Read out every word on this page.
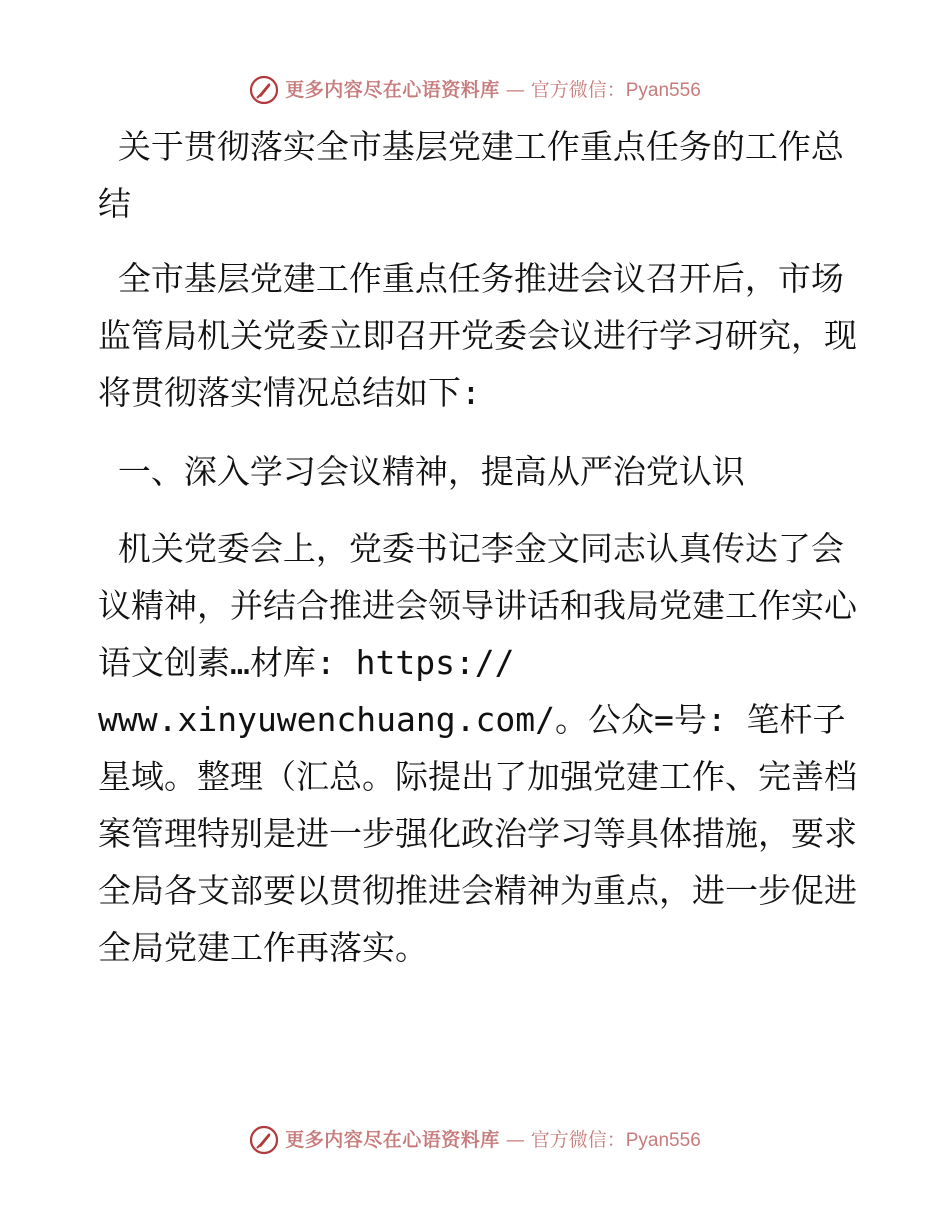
更多内容尽在心语资料库 — 官方微信：Pyan556

关于贯彻落实全市基层党建工作重点任务的工作总结

全市基层党建工作重点任务推进会议召开后，市场监管局机关党委立即召开党委会议进行学习研究，现将贯彻落实情况总结如下:

一、深入学习会议精神，提高从严治党认识

机关党委会上，党委书记李金文同志认真传达了会议精神，并结合推进会领导讲话和我局党建工作实心语文创素…材库: https://

www.xinyuwenchuang.com/。公众=号: 笔杆子星域。整理（汇总。际提出了加强党建工作、完善档案管理特别是进一步强化政治学习等具体措施，要求全局各支部要以贯彻推进会精神为重点，进一步促进全局党建工作再落实。

更多内容尽在心语资料库 — 官方微信：Pyan556
